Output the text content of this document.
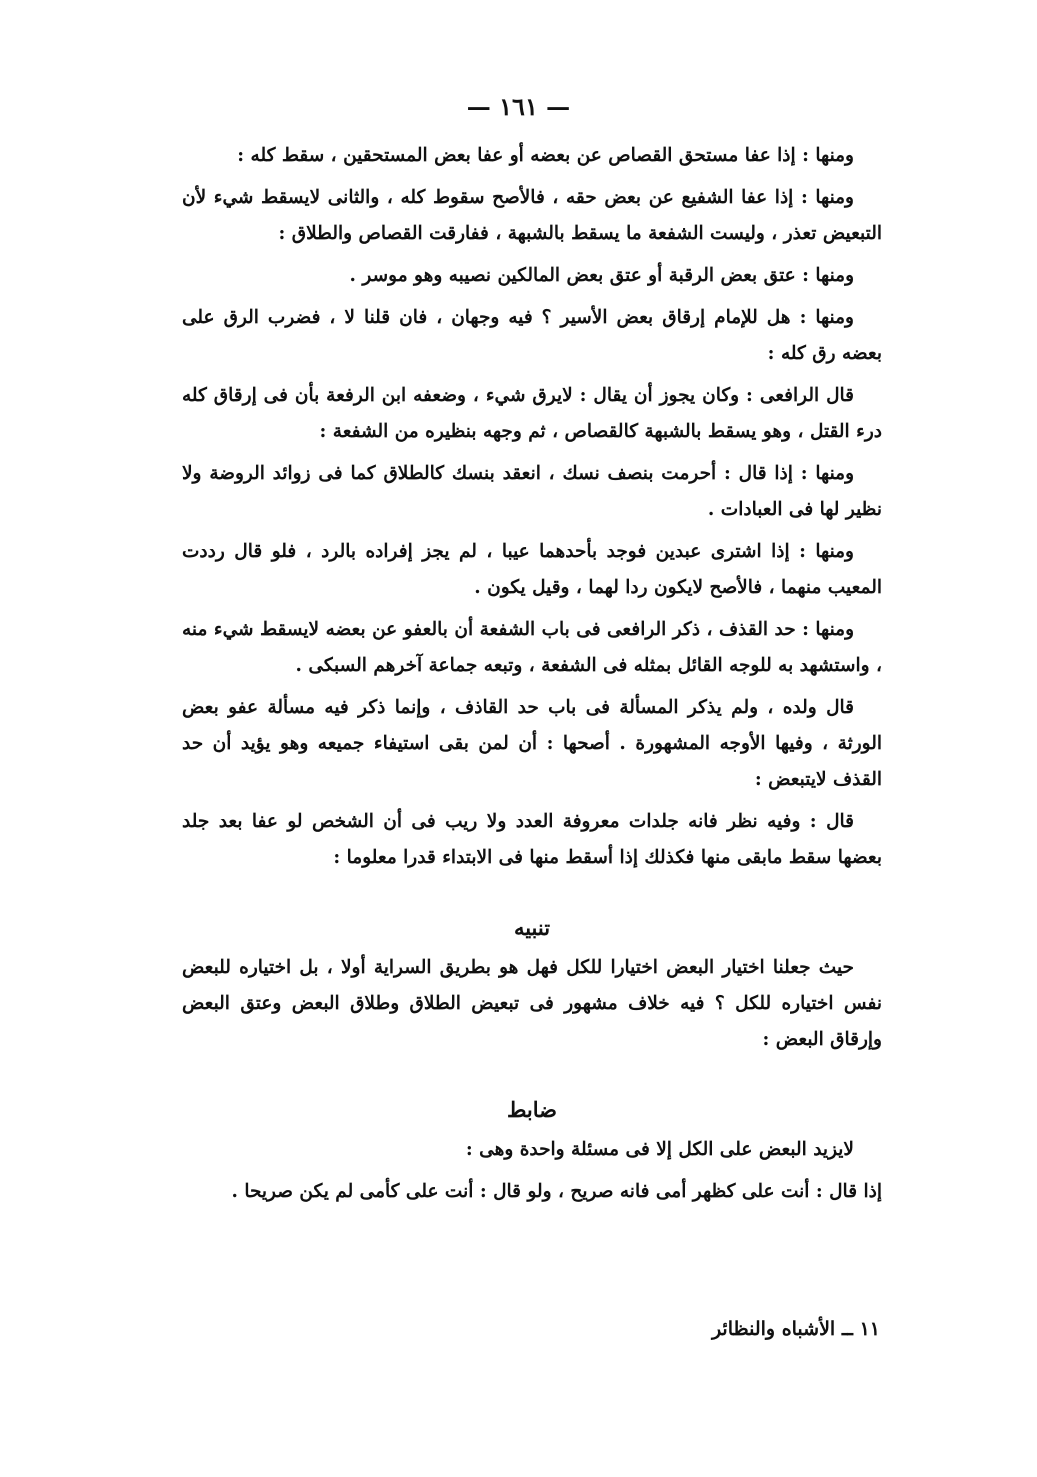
— ١٦١ —

ومنها : إذا عفا مستحق القصاص عن بعضه أو عفا بعض المستحقين ، سقط كله :

ومنها : إذا عفا الشفيع عن بعض حقه ، فالأصح سقوط كله ، والثانى لايسقط شيء لأن التبعيض تعذر ، وليست الشفعة ما يسقط بالشبهة ، ففارقت القصاص والطلاق :

ومنها : عتق بعض الرقبة أو عتق بعض المالكين نصيبه وهو موسر .

ومنها : هل للإمام إرقاق بعض الأسير ؟ فيه وجهان ، فان قلنا لا ، فضرب الرق على بعضه رق كله :

قال الرافعى : وكان يجوز أن يقال : لايرق شيء ، وضعفه ابن الرفعة بأن فى إرقاق كله درء القتل ، وهو يسقط بالشبهة كالقصاص ، ثم وجهه بنظيره من الشفعة :

ومنها : إذا قال : أحرمت بنصف نسك ، انعقد بنسك كالطلاق كما فى زوائد الروضة ولا نظير لها فى العبادات .

ومنها : إذا اشترى عبدين فوجد بأحدهما عيبا ، لم يجز إفراده بالرد ، فلو قال رددت المعيب منهما ، فالأصح لايكون ردا لهما ، وقيل يكون .

ومنها : حد القذف ، ذكر الرافعى فى باب الشفعة أن بالعفو عن بعضه لايسقط شيء منه ، واستشهد به للوجه القائل بمثله فى الشفعة ، وتبعه جماعة آخرهم السبكى .

قال ولده ، ولم يذكر المسألة فى باب حد القاذف ، وإنما ذكر فيه مسألة عفو بعض الورثة ، وفيها الأوجه المشهورة . أصحها : أن لمن بقى استيفاء جميعه وهو يؤيد أن حد القذف لايتبعض :

قال : وفيه نظر فانه جلدات معروفة العدد ولا ريب فى أن الشخص لو عفا بعد جلد بعضها سقط مابقى منها فكذلك إذا أسقط منها فى الابتداء قدرا معلوما :

تنبيه

حيث جعلنا اختيار البعض اختيارا للكل فهل هو بطريق السراية أولا ، بل اختياره للبعض نفس اختياره للكل ؟ فيه خلاف مشهور فى تبعيض الطلاق وطلاق البعض وعتق البعض وإرقاق البعض :

ضابط

لايزيد البعض على الكل إلا فى مسئلة واحدة وهى :

إذا قال : أنت على كظهر أمى فانه صريح ، ولو قال : أنت على كأمى لم يكن صريحا .

١١ ــ الأشباه والنظائر
